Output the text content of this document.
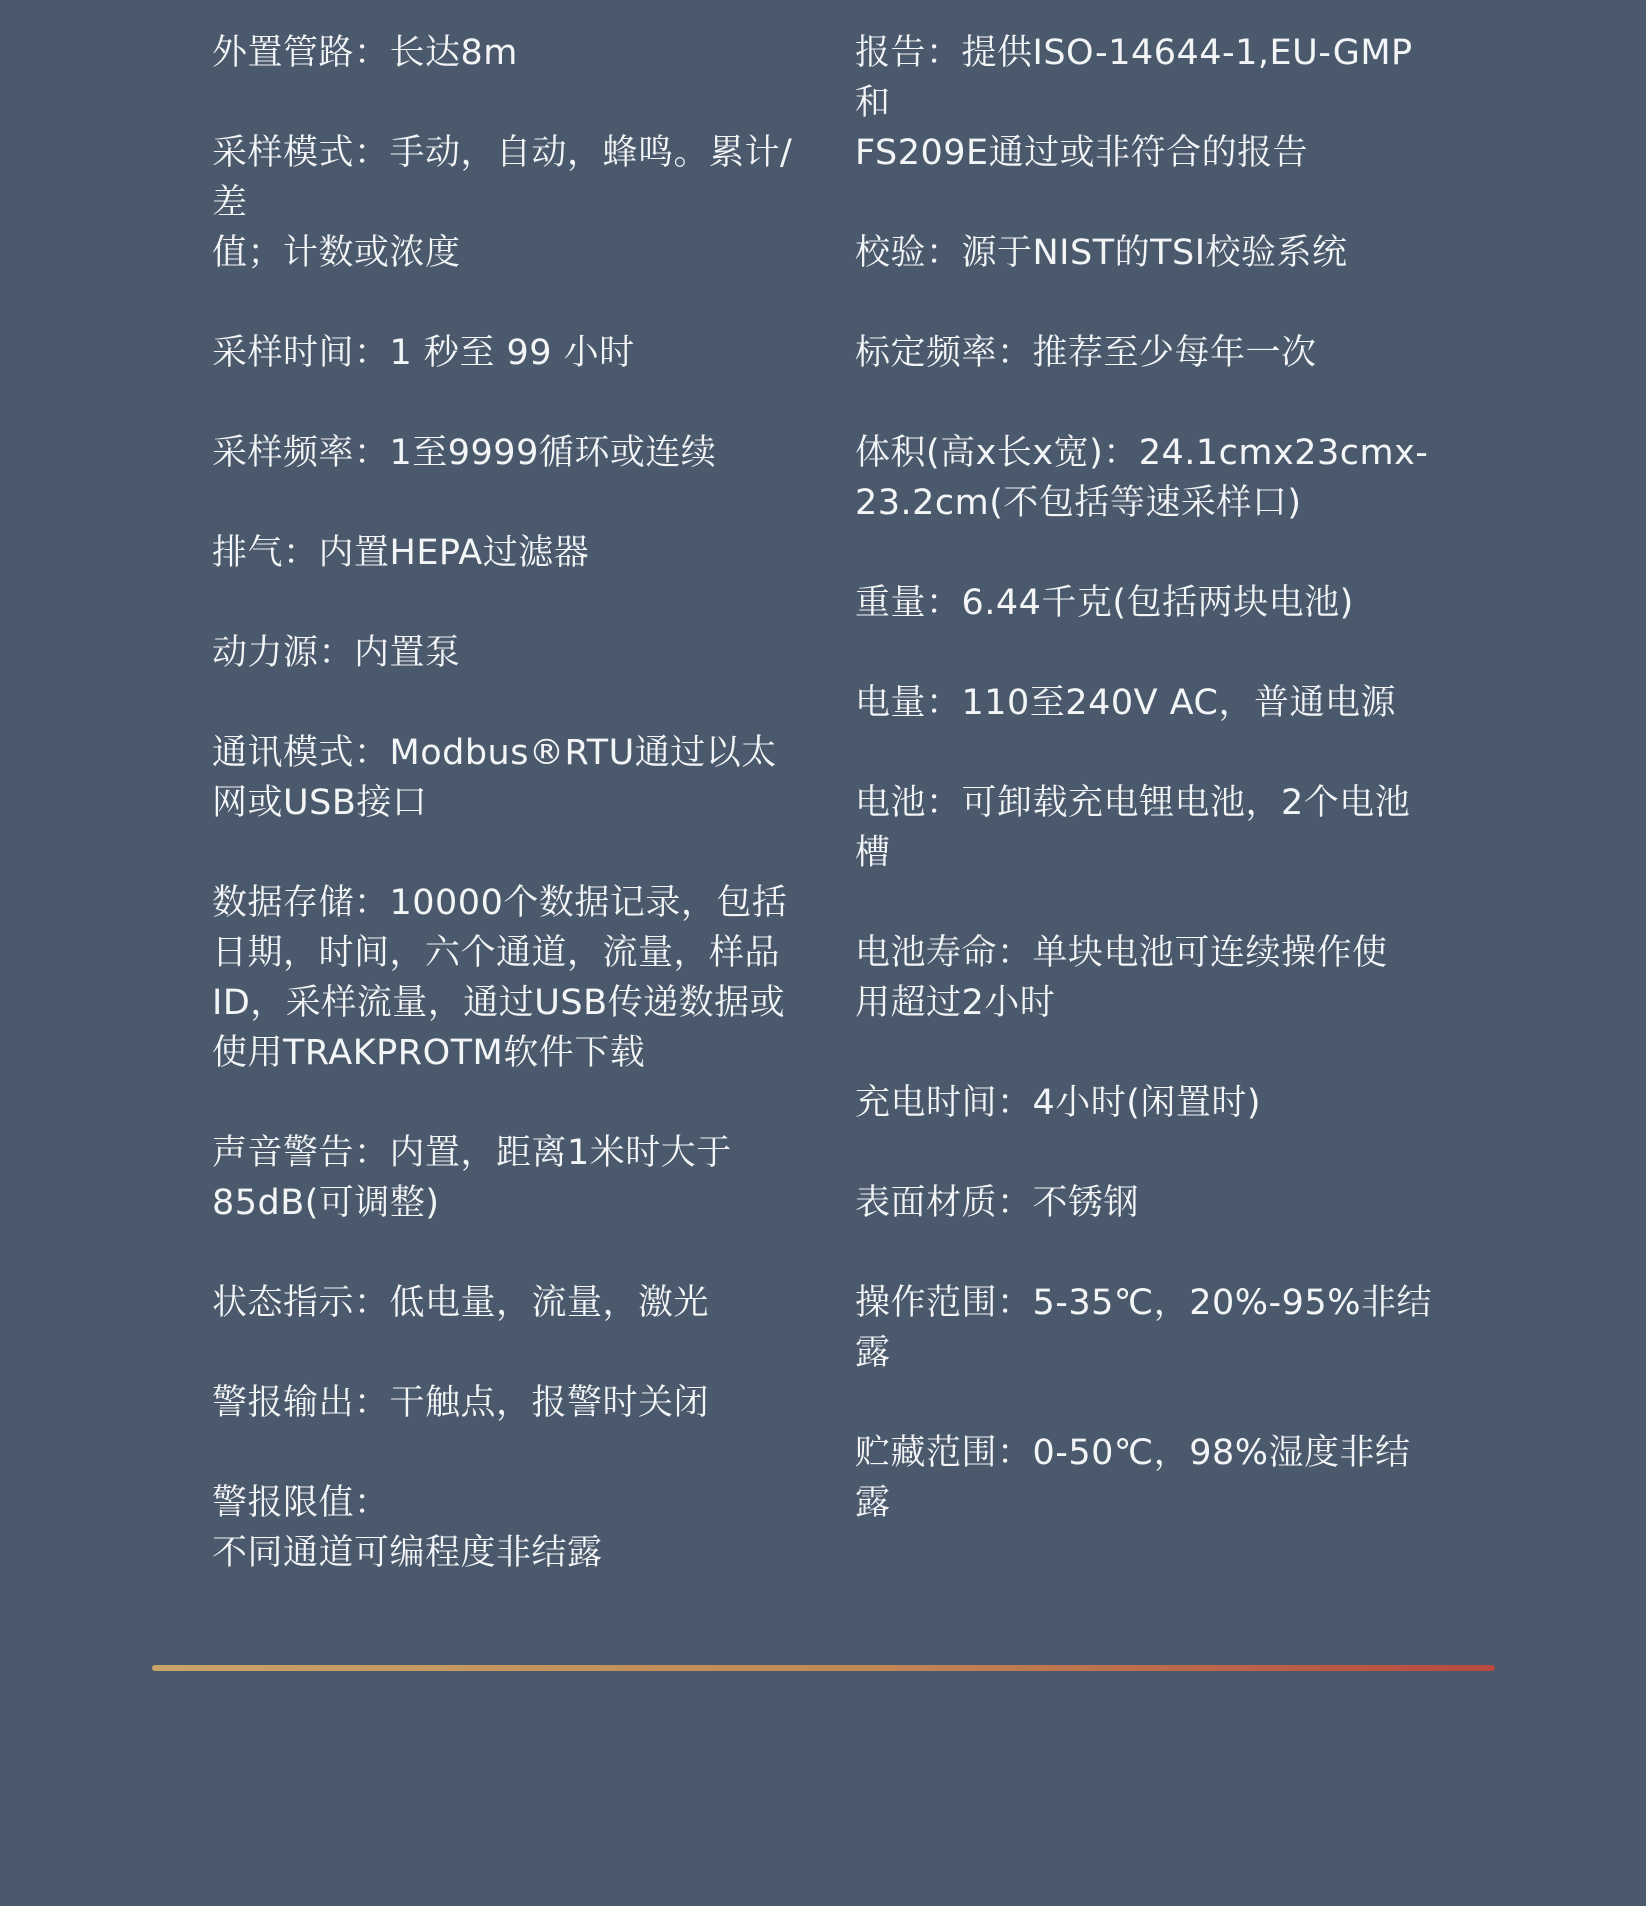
外置管路：长达8m

采样模式：手动，自动，蜂鸣。累计/差
值；计数或浓度

采样时间：1 秒至 99 小时

采样频率：1至9999循环或连续

排气：内置HEPA过滤器

动力源：内置泵

通讯模式：Modbus®RTU通过以太
网或USB接口

数据存储：10000个数据记录，包括
日期，时间，六个通道，流量，样品
ID，采样流量，通过USB传递数据或
使用TRAKPROTM软件下载

声音警告：内置，距离1米时大于
85dB(可调整)

状态指示：低电量，流量，激光

警报输出：干触点，报警时关闭

警报限值：
不同通道可编程度非结露

报告：提供ISO-14644-1,EU-GMP和
FS209E通过或非符合的报告

校验：源于NIST的TSI校验系统

标定频率：推荐至少每年一次

体积(高x长x宽)：24.1cmx23cmx-
23.2cm(不包括等速采样口)

重量：6.44千克(包括两块电池)

电量：110至240V AC，普通电源

电池：可卸载充电锂电池，2个电池
槽

电池寿命：单块电池可连续操作使
用超过2小时

充电时间：4小时(闲置时)

表面材质：不锈钢

操作范围：5-35℃，20%-95%非结露

贮藏范围：0-50℃，98%湿度非结露
